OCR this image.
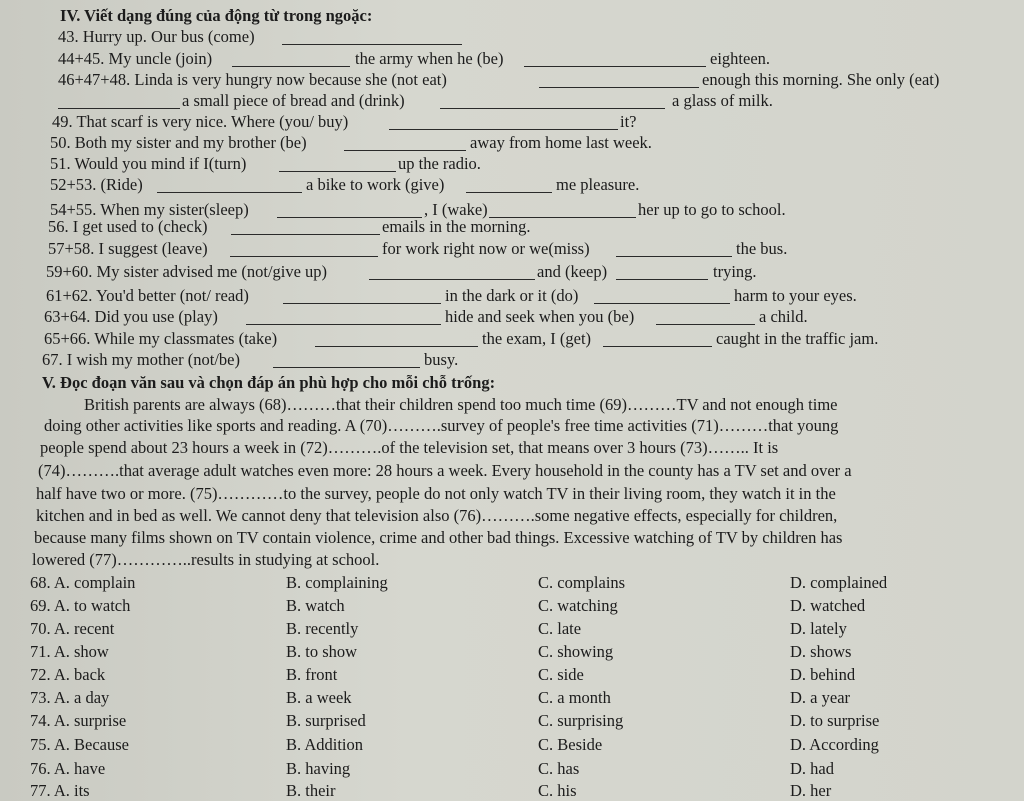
IV. Viết dạng đúng của động từ trong ngoặc:
43. Hurry up. Our bus (come)
44+45. My uncle (join)	the army when he (be)	eighteen.
46+47+48. Linda is very hungry now because she (not eat)	enough this morning. She only (eat)
a small piece of bread and (drink)	a glass of milk.
49. That scarf is very nice. Where (you/ buy)	it?
50. Both my sister and my brother (be)	away from home last week.
51. Would you mind if I(turn)	up the radio.
52+53. (Ride)	a bike to work (give)	me pleasure.
54+55. When my sister(sleep)	, I (wake)	her up to go to school.
56. I get used to (check)	emails in the morning.
57+58. I suggest (leave)	for work right now or we(miss)	the bus.
59+60. My sister advised me (not/give up)	and (keep)	trying.
61+62. You'd better (not/ read)	in the dark or it (do)	harm to your eyes.
63+64. Did you use (play)	hide and seek when you (be)	a child.
65+66. While my classmates (take)	the exam, I (get)	caught in the traffic jam.
67. I wish my mother (not/be)	busy.
V. Đọc đoạn văn sau và chọn đáp án phù hợp cho mỗi chỗ trống:
British parents are always (68)………that their children spend too much time (69)………TV and not enough time
doing other activities like sports and reading. A (70)……….survey of people's free time activities (71)………that young
people spend about 23 hours a week in (72)……….of the television set, that means over 3 hours (73)…….. It is
(74)……….that average adult watches even more: 28 hours a week. Every household in the county has a TV set and over a
half have two or more. (75)…………to the survey, people do not only watch TV in their living room, they watch it in the
kitchen and in bed as well. We cannot deny that television also (76)……….some negative effects, especially for children,
because many films shown on TV contain violence, crime and other bad things. Excessive watching of TV by children has
lowered (77)…………..results in studying at school.
68. A. complain	B. complaining	C. complains	D. complained
69. A. to watch	B. watch	C. watching	D. watched
70. A. recent	B. recently	C. late	D. lately
71. A. show	B. to show	C. showing	D. shows
72. A. back	B. front	C. side	D. behind
73. A. a day	B. a week	C. a month	D. a year
74. A. surprise	B. surprised	C. surprising	D. to surprise
75. A. Because	B. Addition	C. Beside	D. According
76. A. have	B. having	C. has	D. had
77. A. its	B. their	C. his	D. her
